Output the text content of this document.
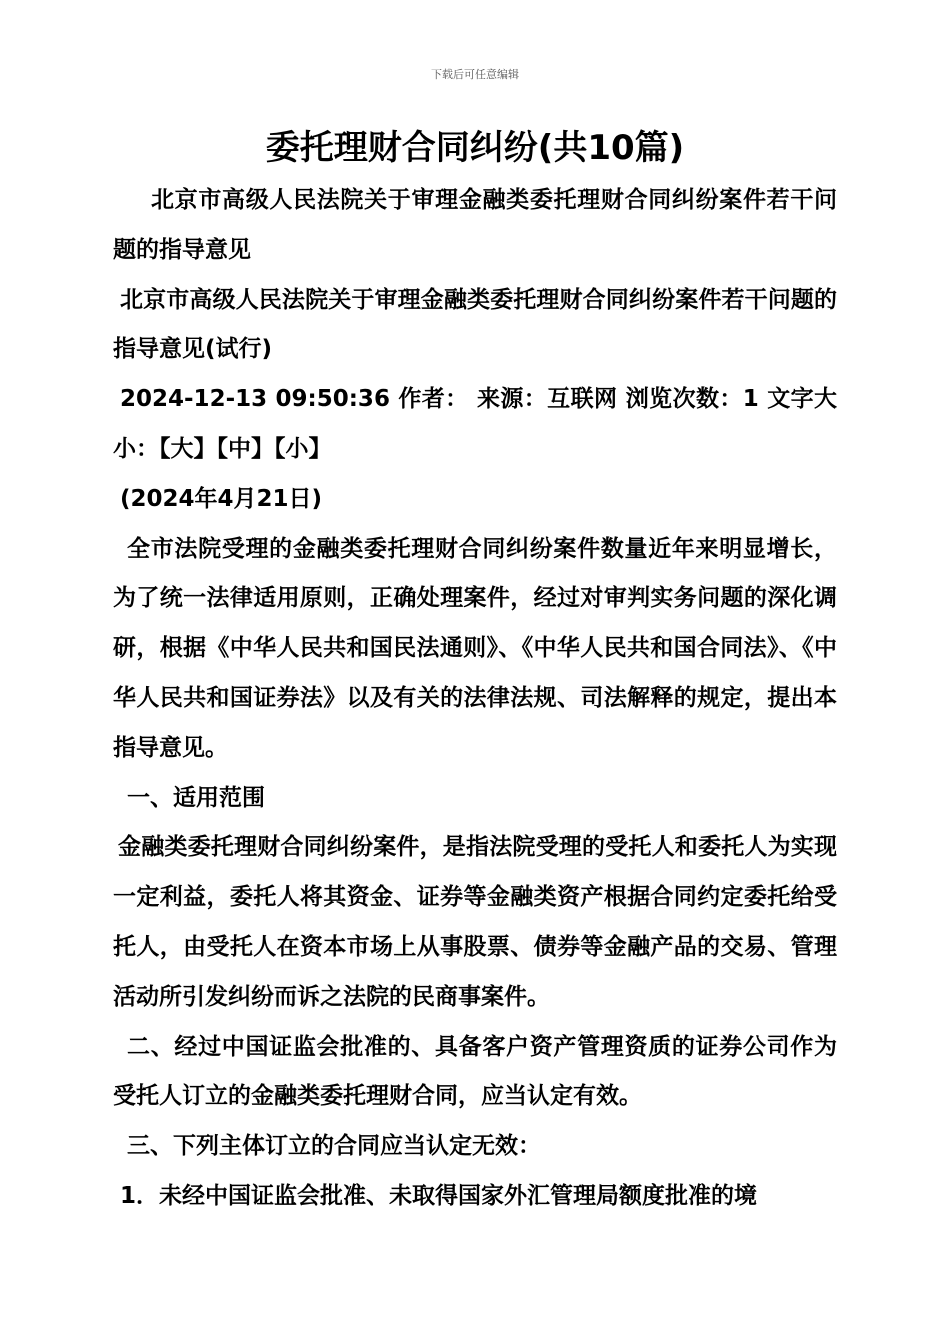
下载后可任意编辑
委托理财合同纠纷(共10篇)

北京市高级人民法院关于审理金融类委托理财合同纠纷案件若干问题的指导意见

北京市高级人民法院关于审理金融类委托理财合同纠纷案件若干问题的指导意见(试行)

2024-12-13 09:50:36 作者： 来源：互联网 浏览次数：1 文字大小：【大】【中】【小】

(2024年4月21日)

全市法院受理的金融类委托理财合同纠纷案件数量近年来明显增长，为了统一法律适用原则，正确处理案件，经过对审判实务问题的深化调研，根据《中华人民共和国民法通则》、《中华人民共和国合同法》、《中华人民共和国证券法》以及有关的法律法规、司法解释的规定，提出本指导意见。

一、适用范围

金融类委托理财合同纠纷案件，是指法院受理的受托人和委托人为实现一定利益，委托人将其资金、证券等金融类资产根据合同约定委托给受托人，由受托人在资本市场上从事股票、债券等金融产品的交易、管理活动所引发纠纷而诉之法院的民商事案件。

二、经过中国证监会批准的、具备客户资产管理资质的证券公司作为受托人订立的金融类委托理财合同，应当认定有效。

三、下列主体订立的合同应当认定无效：

1．未经中国证监会批准、未取得国家外汇管理局额度批准的境
